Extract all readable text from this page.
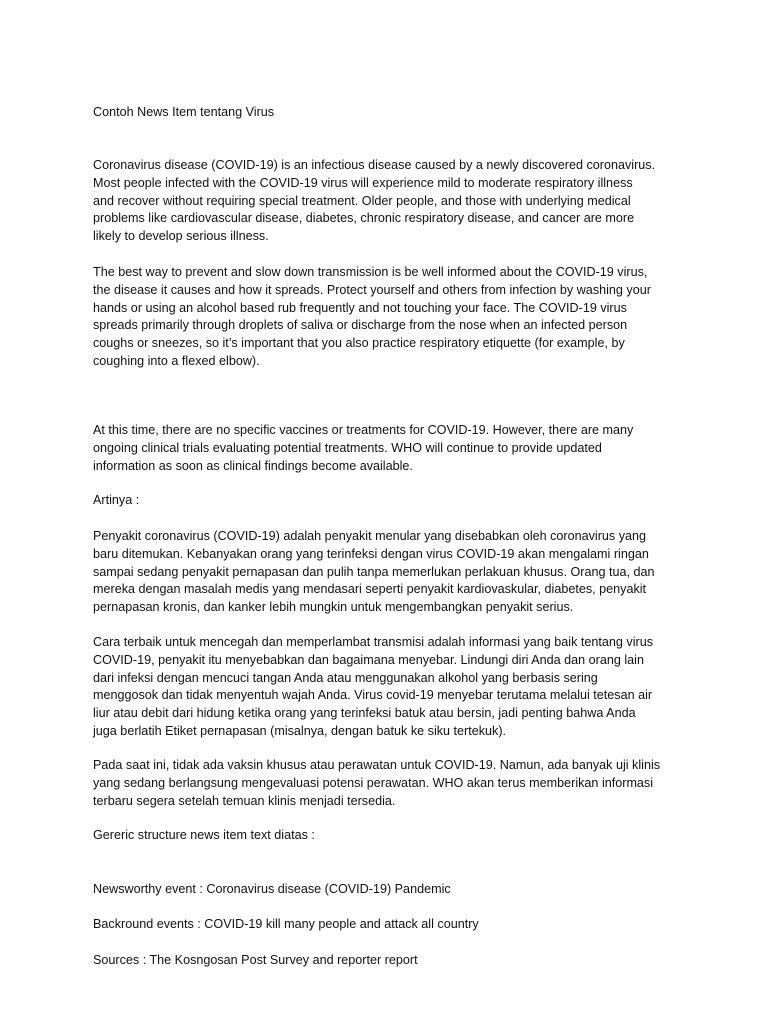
Contoh News Item tentang Virus

Coronavirus disease (COVID-19) is an infectious disease caused by a newly discovered coronavirus.
Most people infected with the COVID-19 virus will experience mild to moderate respiratory illness
and recover without requiring special treatment. Older people, and those with underlying medical
problems like cardiovascular disease, diabetes, chronic respiratory disease, and cancer are more
likely to develop serious illness.

The best way to prevent and slow down transmission is be well informed about the COVID-19 virus,
the disease it causes and how it spreads. Protect yourself and others from infection by washing your
hands or using an alcohol based rub frequently and not touching your face. The COVID-19 virus
spreads primarily through droplets of saliva or discharge from the nose when an infected person
coughs or sneezes, so it’s important that you also practice respiratory etiquette (for example, by
coughing into a flexed elbow).

At this time, there are no specific vaccines or treatments for COVID-19. However, there are many
ongoing clinical trials evaluating potential treatments. WHO will continue to provide updated
information as soon as clinical findings become available.

Artinya :

Penyakit coronavirus (COVID-19) adalah penyakit menular yang disebabkan oleh coronavirus yang
baru ditemukan. Kebanyakan orang yang terinfeksi dengan virus COVID-19 akan mengalami ringan
sampai sedang penyakit pernapasan dan pulih tanpa memerlukan perlakuan khusus. Orang tua, dan
mereka dengan masalah medis yang mendasari seperti penyakit kardiovaskular, diabetes, penyakit
pernapasan kronis, dan kanker lebih mungkin untuk mengembangkan penyakit serius.

Cara terbaik untuk mencegah dan memperlambat transmisi adalah informasi yang baik tentang virus
COVID-19, penyakit itu menyebabkan dan bagaimana menyebar. Lindungi diri Anda dan orang lain
dari infeksi dengan mencuci tangan Anda atau menggunakan alkohol yang berbasis sering
menggosok dan tidak menyentuh wajah Anda. Virus covid-19 menyebar terutama melalui tetesan air
liur atau debit dari hidung ketika orang yang terinfeksi batuk atau bersin, jadi penting bahwa Anda
juga berlatih Etiket pernapasan (misalnya, dengan batuk ke siku tertekuk).

Pada saat ini, tidak ada vaksin khusus atau perawatan untuk COVID-19. Namun, ada banyak uji klinis
yang sedang berlangsung mengevaluasi potensi perawatan. WHO akan terus memberikan informasi
terbaru segera setelah temuan klinis menjadi tersedia.

Gereric structure news item text diatas :

Newsworthy event : Coronavirus disease (COVID-19) Pandemic

Backround events : COVID-19 kill many people and attack all country

Sources : The Kosngosan Post Survey and reporter report
